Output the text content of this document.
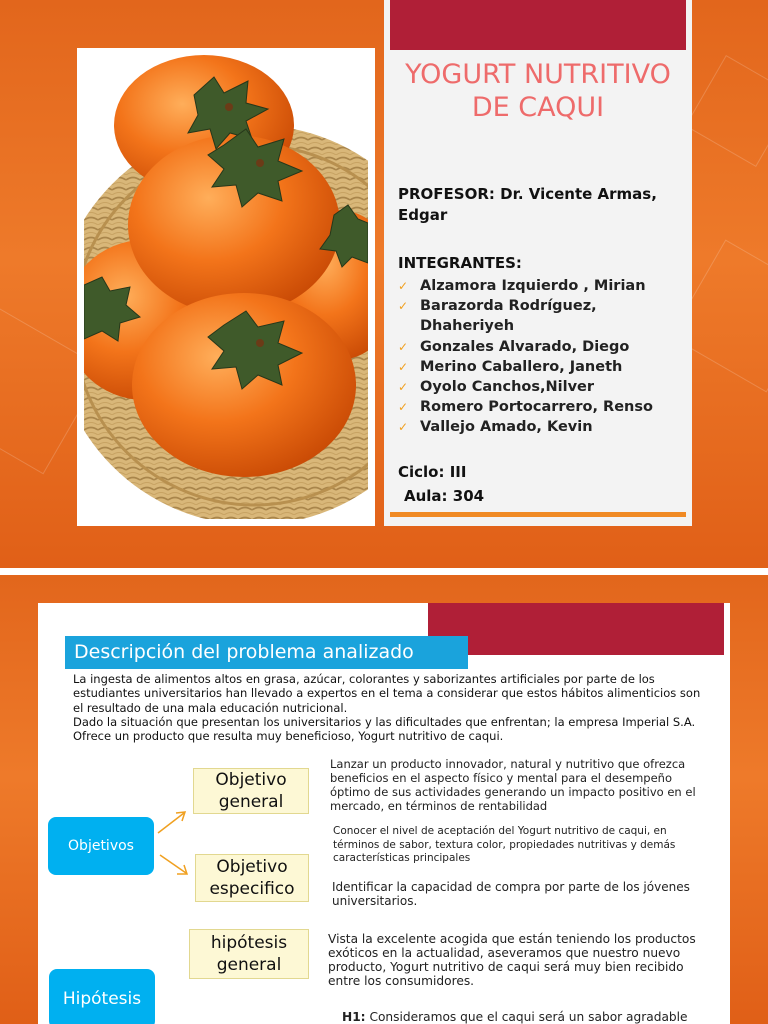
YOGURT NUTRITIVO DE CAQUI
PROFESOR: Dr. Vicente Armas, Edgar
INTEGRANTES:
✓ Alzamora Izquierdo , Mirian
✓ Barazorda Rodríguez, Dhaheriyeh
✓ Gonzales Alvarado, Diego
✓ Merino Caballero, Janeth
✓ Oyolo Canchos,Nilver
✓ Romero Portocarrero, Renso
✓ Vallejo Amado, Kevin
Ciclo: III
Aula: 304
Descripción del problema analizado

La ingesta de alimentos altos en grasa, azúcar, colorantes y saborizantes artificiales por parte de los estudiantes universitarios han llevado a expertos en el tema a considerar que estos hábitos alimenticios son el resultado de una mala educación nutricional.

Dado la situación que presentan los universitarios y las dificultades que enfrentan; la empresa Imperial S.A. Ofrece un producto que resulta muy beneficioso, Yogurt nutritivo de caqui.

Objetivos
Objetivo general
Objetivo especifico
Lanzar un producto innovador, natural y nutritivo que ofrezca beneficios en el aspecto físico y mental para el desempeño óptimo de sus actividades generando un impacto positivo en el mercado, en términos de rentabilidad
Conocer el nivel de aceptación del Yogurt nutritivo de caqui, en términos de sabor, textura color, propiedades nutritivas y demás características principales
Identificar la capacidad de compra por parte de los jóvenes universitarios.
hipótesis general
Vista la excelente acogida que están teniendo los productos exóticos en la actualidad, aseveramos que nuestro nuevo producto, Yogurt nutritivo de caqui será muy bien recibido entre los consumidores.
Hipótesis
H1: Consideramos que el caqui será un sabor agradable
